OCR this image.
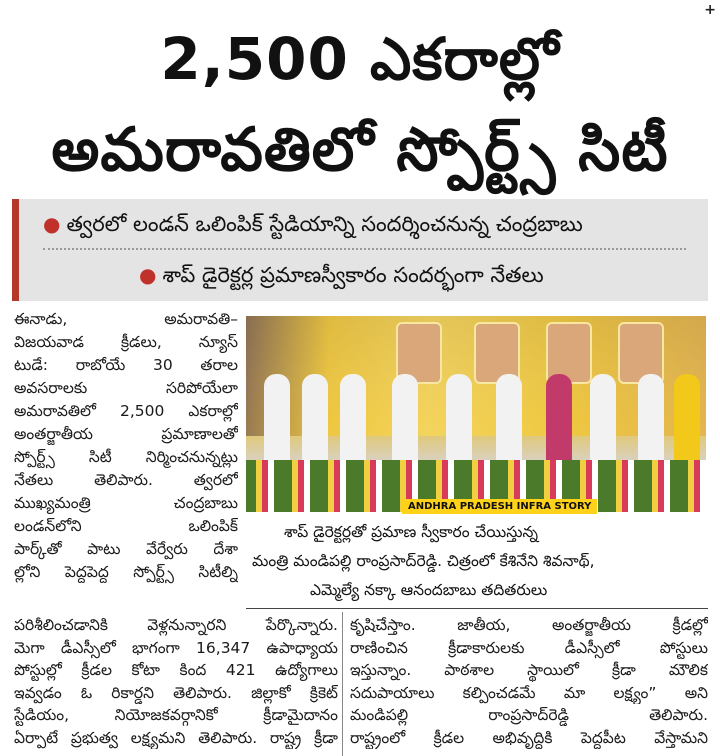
+
2,500 ఎకరాల్లో
అమరావతిలో స్పోర్ట్స్ సిటీ
● త్వరలో లండన్ ఒలింపిక్ స్టేడియాన్ని సందర్శించనున్న చంద్రబాబు
● శాప్ డైరెక్టర్ల ప్రమాణస్వీకారం సందర్భంగా నేతలు
ఈనాడు, అమరావతి–
విజయవాడ క్రీడలు, న్యూస్
టుడే: రాబోయే 30 తరాల
అవసరాలకు సరిపోయేలా
అమరావతిలో 2,500 ఎకరాల్లో
అంతర్జాతీయ ప్రమాణాలతో
స్పోర్ట్స్ సిటీ నిర్మించనున్నట్లు
నేతలు తెలిపారు. త్వరలో
ముఖ్యమంత్రి చంద్రబాబు
లండన్‌లోని ఒలింపిక్
పార్క్‌తో పాటు వేర్వేరు దేశా
ల్లోని పెద్దపెద్ద స్పోర్ట్స్ సిటీల్ని
ANDHRA PRADESH INFRA STORY
శాప్ డైరెక్టర్లతో ప్రమాణ స్వీకారం చేయిస్తున్న
మంత్రి మండిపల్లి రాంప్రసాద్‌రెడ్డి. చిత్రంలో కేశినేని శివనాథ్,
ఎమ్మెల్యే నక్కా ఆనందబాబు తదితరులు
పరిశీలించడానికి వెళ్లనున్నారని పేర్కొన్నారు.
మెగా డీఎస్సీలో భాగంగా 16,347 ఉపాధ్యాయ
పోస్టుల్లో క్రీడల కోటా కింద 421 ఉద్యోగాలు
ఇవ్వడం ఓ రికార్డని తెలిపారు. జిల్లాకో క్రికెట్
స్టేడియం, నియోజకవర్గానికో క్రీడామైదానం
ఏర్పాటే ప్రభుత్వ లక్ష్యమని తెలిపారు. రాష్ట్ర క్రీడా
కృషిచేస్తాం. జాతీయ, అంతర్జాతీయ క్రీడల్లో
రాణించిన క్రీడాకారులకు డీఎస్సీలో పోస్టులు
ఇస్తున్నాం. పాఠశాల స్థాయిలో క్రీడా మౌలిక
సదుపాయాలు కల్పించడమే మా లక్ష్యం” అని
మండిపల్లి రాంప్రసాద్‌రెడ్డి తెలిపారు.
రాష్ట్రంలో క్రీడల అభివృద్ధికి పెద్దపీట వేస్తామని
